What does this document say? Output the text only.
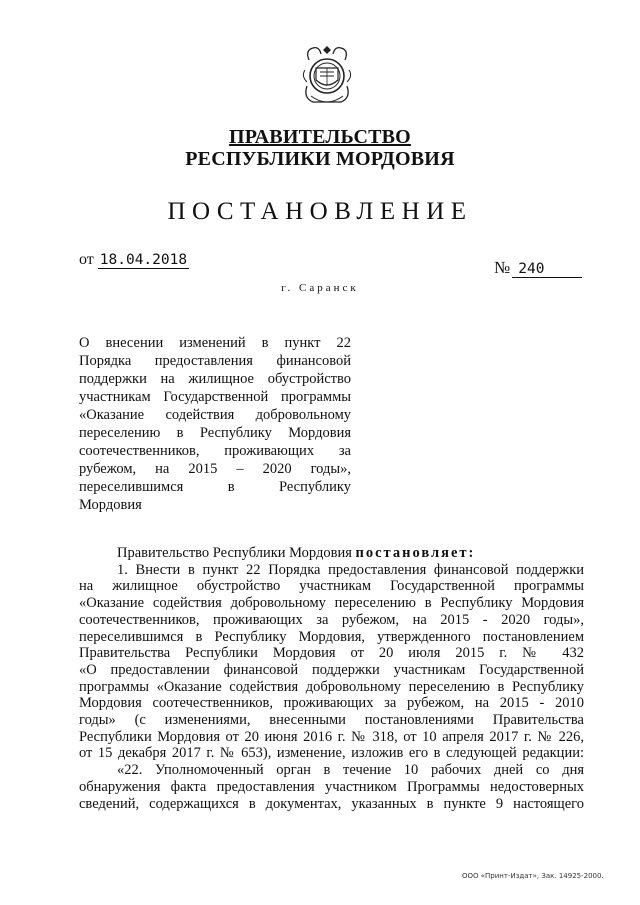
ПРАВИТЕЛЬСТВО
РЕСПУБЛИКИ МОРДОВИЯ
ПОСТАНОВЛЕНИЕ
от 18.04.2018	№ 240
г. Саранск
О внесении изменений в пункт 22
Порядка предоставления финансовой
поддержки на жилищное обустройство
участникам Государственной программы
«Оказание содействия добровольному
переселению в Республику Мордовия
соотечественников, проживающих за
рубежом, на 2015 – 2020 годы»,
переселившимся в Республику
Мордовия
Правительство Республики Мордовия постановляет:
1. Внести в пункт 22 Порядка предоставления финансовой поддержки
на жилищное обустройство участникам Государственной программы
«Оказание содействия добровольному переселению в Республику Мордовия
соотечественников, проживающих за рубежом, на 2015 - 2020 годы»,
переселившимся в Республику Мордовия, утвержденного постановлением
Правительства Республики Мордовия от 20 июля 2015 г. № 432
«О предоставлении финансовой поддержки участникам Государственной
программы «Оказание содействия добровольному переселению в Республику
Мордовия соотечественников, проживающих за рубежом, на 2015 - 2010
годы» (с изменениями, внесенными постановлениями Правительства
Республики Мордовия от 20 июня 2016 г. № 318, от 10 апреля 2017 г. № 226,
от 15 декабря 2017 г. № 653), изменение, изложив его в следующей редакции:
«22. Уполномоченный орган в течение 10 рабочих дней со дня
обнаружения факта предоставления участником Программы недостоверных
сведений, содержащихся в документах, указанных в пункте 9 настоящего
ООО «Принт-Издат», Зак. 14925-2000.
